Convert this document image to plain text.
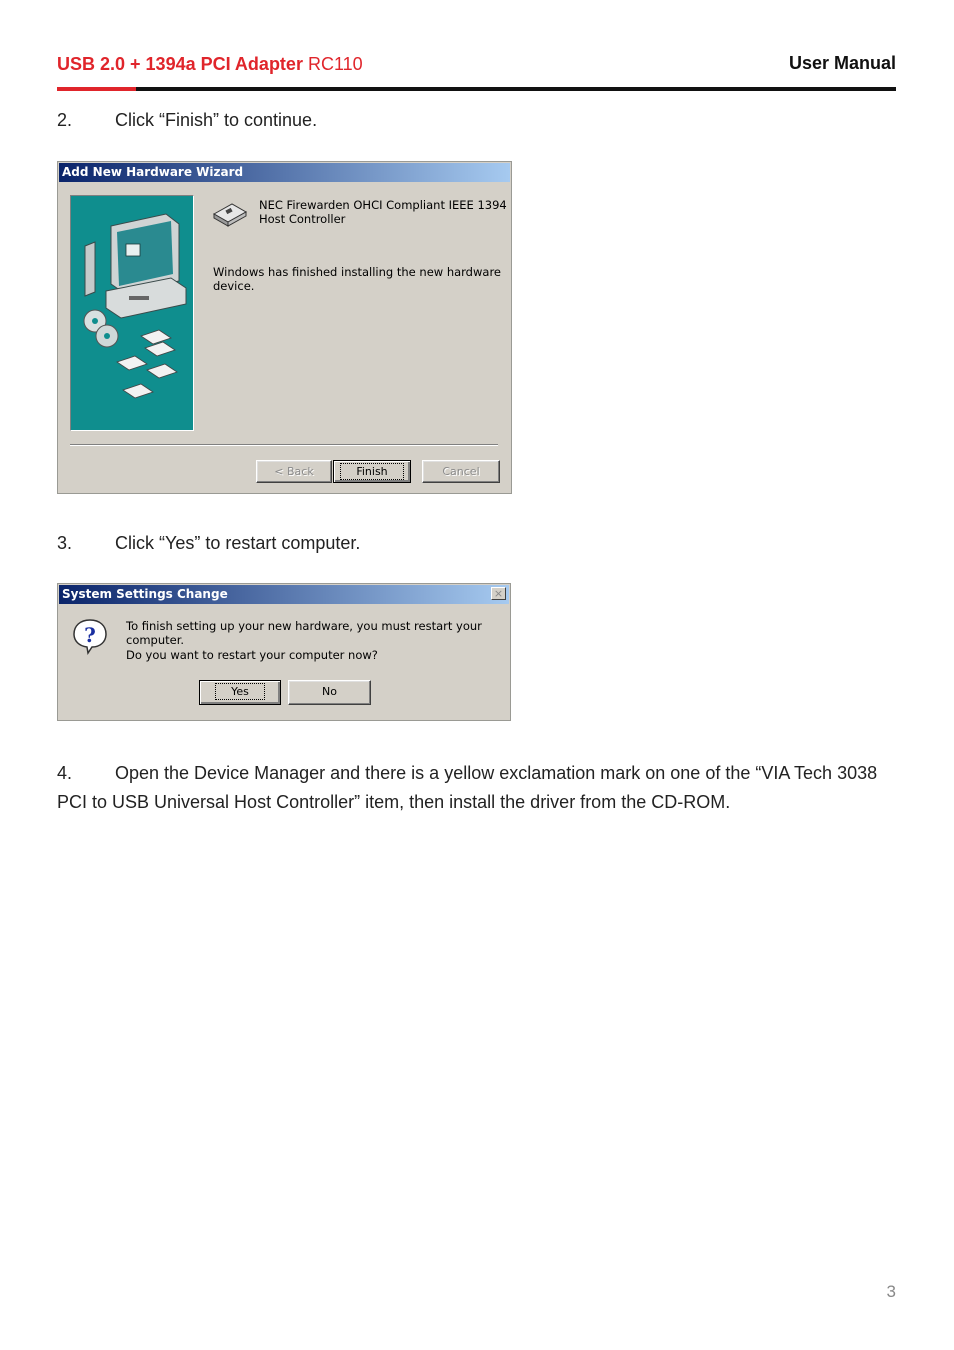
USB 2.0 + 1394a PCI Adapter RC110	User Manual
2. Click “Finish” to continue.
Add New Hardware Wizard
NEC Firewarden OHCI Compliant IEEE 1394
Host Controller
Windows has finished installing the new hardware device.
< Back	Finish	Cancel
3. Click “Yes” to restart computer.
System Settings Change	×
?	To finish setting up your new hardware, you must restart your computer.
Do you want to restart your computer now?
Yes	No
4. Open the Device Manager and there is a yellow exclamation mark on one of the “VIA Tech 3038 PCI to USB Universal Host Controller” item, then install the driver from the CD-ROM.
3
